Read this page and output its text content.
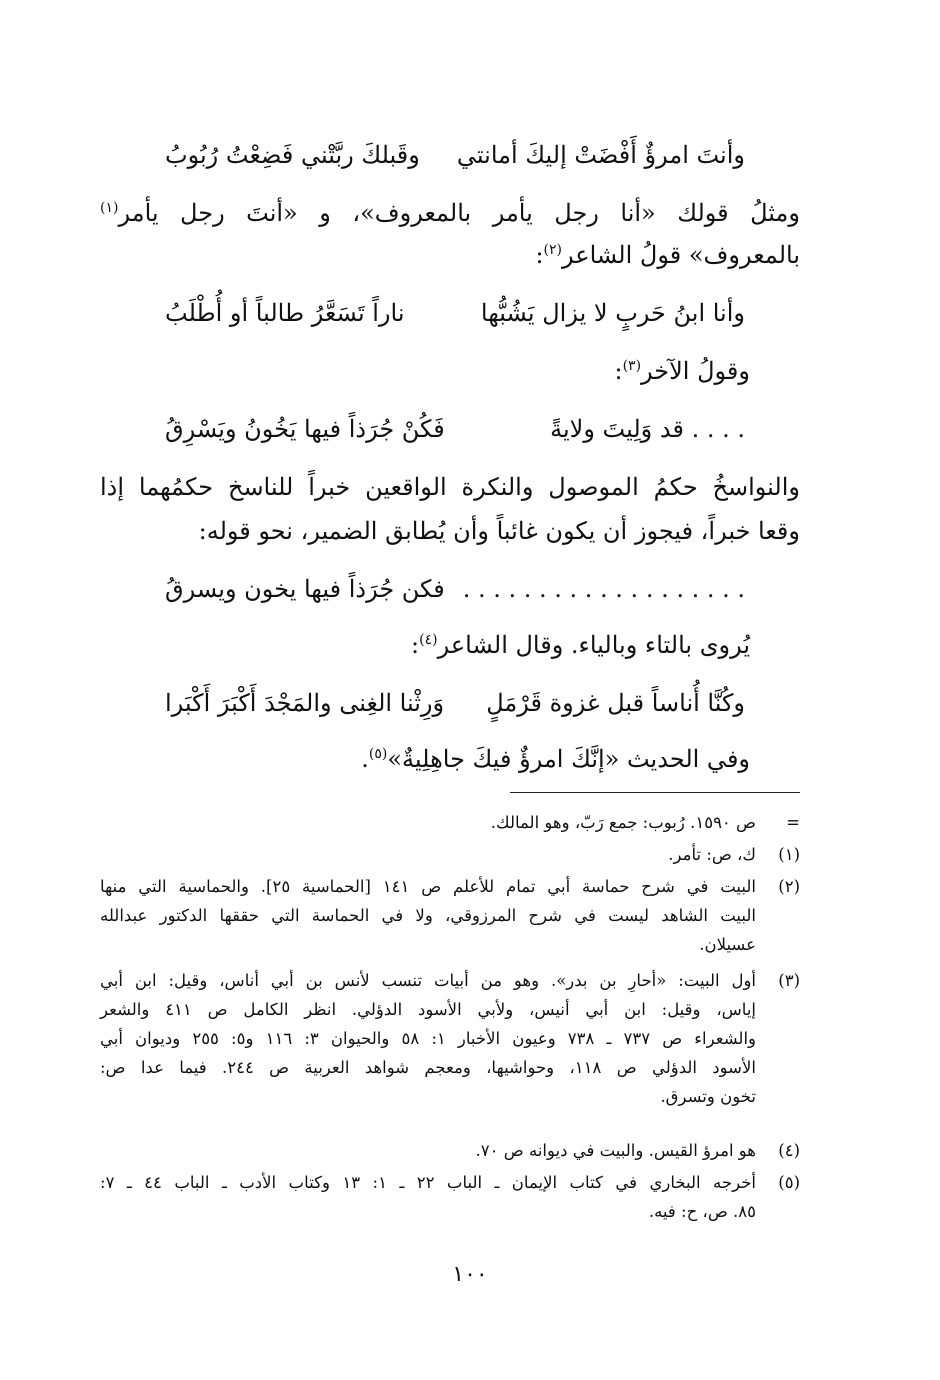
وأنتَ امرؤٌ أَفْضَتْ إليكَ أمانتي
وقَبلكَ ربَّتْني فَضِعْتُ رُبُوبُ
ومثلُ قولك «أنا رجل يأمر بالمعروف»، و «أنتَ رجل يأمر$^{(١)}$
بالمعروف» قولُ الشاعر$^{(٢)}$:
وأنا ابنُ حَربٍ لا يزال يَشُبُّها
ناراً تَسَعَّرُ طالباً أو أُطْلَبُ
وقولُ الآخر$^{(٣)}$:
. . . . قد وَلِيتَ ولايةً
فَكُنْ جُرَذاً فيها يَخُونُ ويَسْرِقُ
والنواسخُ حكمُ الموصول والنكرة الواقعين خبراً للناسخ حكمُهما إذا
وقعا خبراً، فيجوز أن يكون غائباً وأن يُطابق الضمير، نحو قوله:
. . . . . . . . . . . . . . . . . . .
فكن جُرَذاً فيها يخون ويسرقُ
يُروى بالتاء وبالياء. وقال الشاعر$^{(٤)}$:
وكُنَّا أُناساً قبل غزوة قَرْمَلٍ
وَرِثْنا الغِنى والمَجْدَ أَكْبَرَ أَكْبَرا
وفي الحديث «إنَّكَ امرؤٌ فيكَ جاهِلِيةٌ»$^{(٥)}$.
=
ص ١٥٩٠. رُبوب: جمع رَبّ، وهو المالك.
(١)
ك، ص: تأمر.
(٢)
البيت في شرح حماسة أبي تمام للأعلم ص ١٤١ [الحماسية ٢٥]. والحماسية التي منها
البيت الشاهد ليست في شرح المرزوقي، ولا في الحماسة التي حققها الدكتور عبدالله
عسيلان.
(٣)
أول البيت: «أحارِ بن بدر». وهو من أبيات تنسب لأنس بن أبي أناس، وقيل: ابن أبي
إياس، وقيل: ابن أبي أنيس، ولأبي الأسود الدؤلي. انظر الكامل ص ٤١١ والشعر
والشعراء ص ٧٣٧ ـ ٧٣٨ وعيون الأخبار ١: ٥٨ والحيوان ٣: ١١٦ و٥: ٢٥٥ وديوان أبي
الأسود الدؤلي ص ١١٨، وحواشيها، ومعجم شواهد العربية ص ٢٤٤. فيما عدا ص:
تخون وتسرق.
(٤)
هو امرؤ القيس. والبيت في ديوانه ص ٧٠.
(٥)
أخرجه البخاري في كتاب الإيمان ـ الباب ٢٢ ـ ١: ١٣ وكتاب الأدب ـ الباب ٤٤ ـ ٧:
٨٥. ص، ح: فيه.
١٠٠
